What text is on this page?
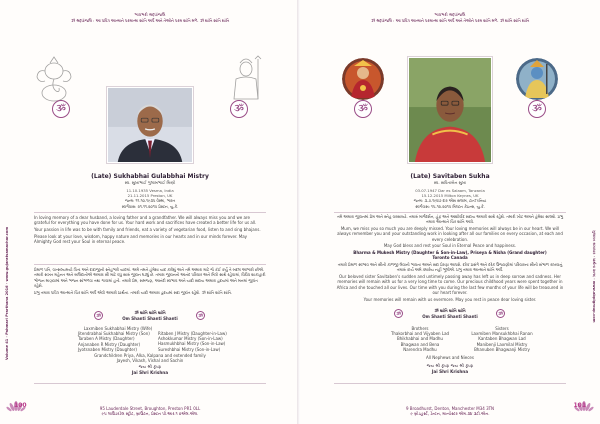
Volume 41 · Pahmari Prarthana 2016 · www.gujaratsamachar.com
ભાવભરી શ્રદ્ધાંજલિ
ૐ શ્રદ્ધાંજલિ : આ પવિત્ર આત્માને પરમાત્મા શાંતિ અર્પે અને તેઓને પરમ શાંતિ મળે. ૐ શાંતિ શાંતિ શાંતિ
ૐ	ૐ
(Late) Sukhabhai Gulabbhai Mistry
સ્વ. સુખાભાઈ ગુલાબભાઈ મિસ્ત્રી
11.10.1935 Vesma, India
21.11.2015 Preston, UK
જન્મ: ૧૧-૧૦-૧૯૩૫ વેસ્મા, ભારત
સ્વર્ગવાસ: ૨૧-૧૧-૨૦૧૫ પ્રેસ્ટન, યુ.કે.

In loving memory of a dear husband, a loving father and a grandfather. We will always miss you and we are grateful for everything you have done for us. Your hard work and sacrifices have created a better life for us all.

Your passion in life was to be with family and friends, eat a variety of vegetarian food, listen to and sing bhajans.

Please look at your love, wisdom, happy nature and memories in our hearts and in our minds forever. May Almighty God rest your Soul in eternal peace.

પ્રેમાળ પતિ, વાત્સલ્યમયી પિતા અને દાદાજીની સ્નેહભરી યાદમાં. અમે તમને હંમેશા યાદ કરીશું અને તમે અમારા માટે જે કંઈ કર્યું તે બદલ આભારી છીએ. તમારી સખત મહેનત અને બલિદાનોએ અમારા સૌ માટે વધુ સારું જીવન ઘડ્યું છે. તમારા જીવનનો આનંદ પરિવાર અને મિત્રો સાથે રહેવામાં, વિવિધ શાકાહારી ભોજન માણવામાં અને ભજન સાંભળવા તથા ગાવામાં હતો. તમારો પ્રેમ, સમજણ, આનંદી સ્વભાવ અને યાદો સદાય અમારા હૃદયમાં અને મનમાં જીવંત રહેશે.

પ્રભુ તમારા પવિત્ર આત્માને ચિર શાંતિ અર્પે એવી અમારી પ્રાર્થના. તમારી યાદો અમારા હૃદયમાં સદા જીવંત રહેશે. ૐ શાંતિ શાંતિ શાંતિ.

ૐ	ૐ
ૐ શાંતિ શાંતિ શાંતિ
Om Shanti Shanti Shanti
Laxmiben Sukhabhai Mistry (Wife)
Jitendrabhai Sukhabhai Mistry (Son)
Taraben A Mistry (Daughter)
Anjanaben R Mistry (Daughter)
Jyotsnaben Mistry (Daughter)
Ritaben J Mistry (Daughter-in-Law)
Ashokkumar Mistry (Son-in-Law)
Hasmukhbhai Mistry (Son-in-Law)
Sureshbhai Mistry (Son-in-Law)
Grandchildren Priya, Alka, Kalpana and extended family
Jayesh, Vikash, Vishal and Sachin
જય શ્રી કૃષ્ણ
Jai Shri Krishna
95 Lauderdale Street, Broughton, Preston PR1 0LL
૯૫ લાઉડરડેલ સ્ટ્રીટ, બ્રાઉટન, પ્રેસ્ટન પી.આર.૧ ૦એલ.એલ.
100
ગુજરાત સમાચાર · પ્રાર્થના ૨૦૧૬ · www.abplgroup.com
ભાવભરી શ્રદ્ધાંજલિ
ૐ શ્રદ્ધાંજલિ : આ પવિત્ર આત્માને પરમાત્મા શાંતિ અર્પે અને તેઓને પરમ શાંતિ મળે. ૐ શાંતિ શાંતિ શાંતિ
ૐ	ૐ
(Late) Savitaben Sukha
સ્વ. સવિતાબેન સુખા
03.07.1947 Dar es Salaam, Tanzania
15.12.2015 Milton Keynes, UK
જન્મ: ૩-૭-૧૯૪૭ દાર એસ સલામ, ટાન્ઝાનિયા
સ્વર્ગવાસ: ૧૫-૧૨-૨૦૧૫ મિલ્ટન કેઇન્સ, યુ.કે.

તમે અમારા જીવનમાં પ્રેમ અને સ્નેહ વરસાવ્યો. તમારું માર્ગદર્શન, હૂંફ અને આશીર્વાદ સદાય અમારી સાથે રહેશે. તમારી ખોટ અમને હંમેશા સાલશે. પ્રભુ તમારા આત્માને ચિર શાંતિ આપે.

Mum, we miss you so much you are deeply missed. Your loving memories will always be in our heart. We will always remember you and your outstanding work in looking after all our families on every occasion, at each and every celebration.

May God bless and rest your Soul in Eternal Peace and happiness.

Bharma & Mukesh Mistry (Daughter & Son-in-Law), Priseya & Nisha (Grand daughter)
Toronto Canada

તમારો પ્રેમાળ સ્વભાવ અને સૌની કાળજી લેવાની ભાવના અમને સદા પ્રેરણા આપશે. દરેક પ્રસંગે અને દરેક ઉજવણીમાં પરિવારના સૌની સંભાળ રાખવાનું તમારું કાર્ય અમે ક્યારેય નહીં ભૂલીએ. પ્રભુ તમારા આત્માને શાંતિ અર્પે.

Our beloved sister Savitaben's sudden and untimely passing away has left us in deep sorrow and sadness. Her memories will remain with us for a very long time to come. Our precious childhood years were spent together in Africa and she touched all our lives. Our time with you during the last few months of your life will be treasured in our heart forever.

Your memories will remain with us evermore. May you rest in peace dear loving sister.

ૐ	ૐ
ૐ શાંતિ શાંતિ શાંતિ
Om Shanti Shanti Shanti
Brothers
Thakorbhai and Vijyaben Lad
Bhikhabhai and Madhu
Bhagwan and Bena
Narendra Madhu
Sisters
Laxmiben Mansukhbhai Ranan
Kantaben Bhagwan Lad
Manibenji Laxmilal Mistry
Bhanuben Bhagwanji Mistry
All Nephews and Nieces
જય શ્રી કૃષ્ણ જય શ્રી કૃષ્ણ
Jai Shri Krishna
9 Broadhurst, Denton, Manchester M34 3TN
૯ બ્રોડહર્સ્ટ, ડેન્ટન, માન્ચેસ્ટર એમ.૩૪ ૩ટી.એન.
101
